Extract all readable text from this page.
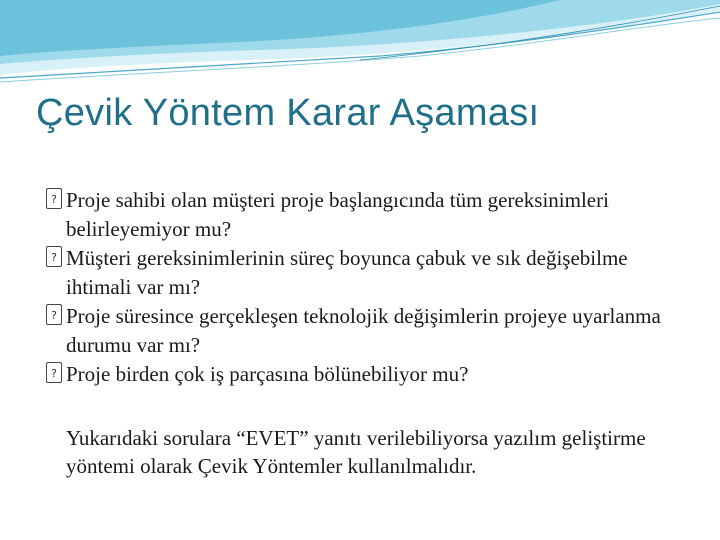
Çevik Yöntem Karar Aşaması
? Proje sahibi olan müşteri proje başlangıcında tüm gereksinimleri belirleyemiyor mu?
? Müşteri gereksinimlerinin süreç boyunca çabuk ve sık değişebilme ihtimali var mı?
? Proje süresince gerçekleşen teknolojik değişimlerin projeye uyarlanma durumu var mı?
? Proje birden çok iş parçasına bölünebiliyor mu?

Yukarıdaki sorulara “EVET” yanıtı verilebiliyorsa yazılım geliştirme yöntemi olarak Çevik Yöntemler kullanılmalıdır.
